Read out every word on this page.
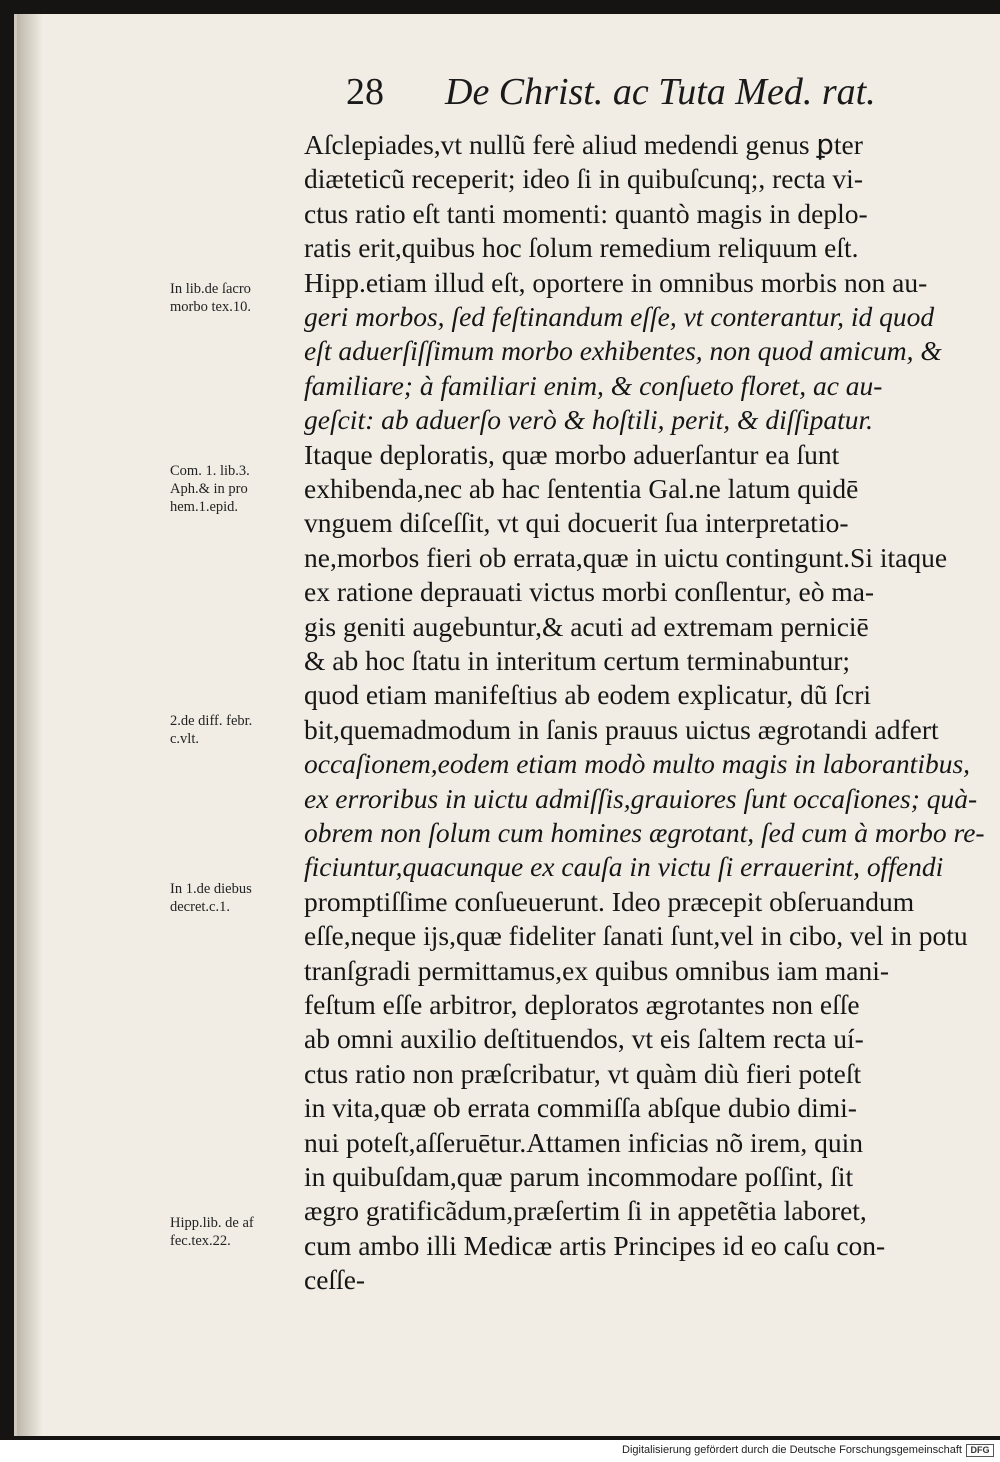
28 De Christ. ac Tuta Med. rat.
Aſclepiades,vt nullũ ferè aliud medendi genus ꝑter
diæteticũ receperit; ideo ſi in quibuſcunq;, recta vi-
ctus ratio eſt tanti momenti: quantò magis in deplo-
ratis erit,quibus hoc ſolum remedium reliquum eſt.
Hipp.etiam illud eſt, oportere in omnibus morbis non au-
geri morbos, ſed feſtinandum eſſe, vt conterantur, id quod
eſt aduerſiſſimum morbo exhibentes, non quod amicum, &
familiare; à familiari enim, & conſueto floret, ac au-
geſcit: ab aduerſo verò & hoſtili, perit, & diſſipatur.
Itaque deploratis, quæ morbo aduerſantur ea ſunt
exhibenda,nec ab hac ſententia Gal.ne latum quidē
vnguem diſceſſit, vt qui docuerit ſua interpretatio-
ne,morbos fieri ob errata,quæ in uictu contingunt.Si itaque
ex ratione deprauati victus morbi conſlentur, eò ma-
gis geniti augebuntur,& acuti ad extremam perniciē
& ab hoc ſtatu in interitum certum terminabuntur;
quod etiam manifeſtius ab eodem explicatur, dũ ſcri
bit,quemadmodum in ſanis prauus uictus ægrotandi adfert
occaſionem,eodem etiam modò multo magis in laborantibus,
ex erroribus in uictu admiſſis,grauiores ſunt occaſiones; quà-
obrem non ſolum cum homines ægrotant, ſed cum à morbo re-
ficiuntur,quacunque ex cauſa in victu ſi errauerint, offendi
promptiſſime conſueuerunt. Ideo præcepit obſeruandum
eſſe,neque ijs,quæ fideliter ſanati ſunt,vel in cibo, vel in potu
tranſgradi permittamus,ex quibus omnibus iam mani-
feſtum eſſe arbitror, deploratos ægrotantes non eſſe
ab omni auxilio deſtituendos, vt eis ſaltem recta uí-
ctus ratio non præſcribatur, vt quàm diù fieri poteſt
in vita,quæ ob errata commiſſa abſque dubio dimi-
nui poteſt,aſſeruētur.Attamen inficias nõ irem, quin
in quibuſdam,quæ parum incommodare poſſint, ſit
ægro gratificãdum,præſertim ſi in appetẽtia laboret,
cum ambo illi Medicæ artis Principes id eo caſu con-
ceſſe-
In lib.de ſacro
morbo tex.10.
Com. 1. lib.3.
Aph.& in pro
hem.1.epid.
2.de diff. febr.
c.vlt.
In 1.de diebus
decret.c.1.
Hipp.lib. de af
fec.tex.22.
Digitalisierung gefördert durch die Deutsche Forschungsgemeinschaft DFG
